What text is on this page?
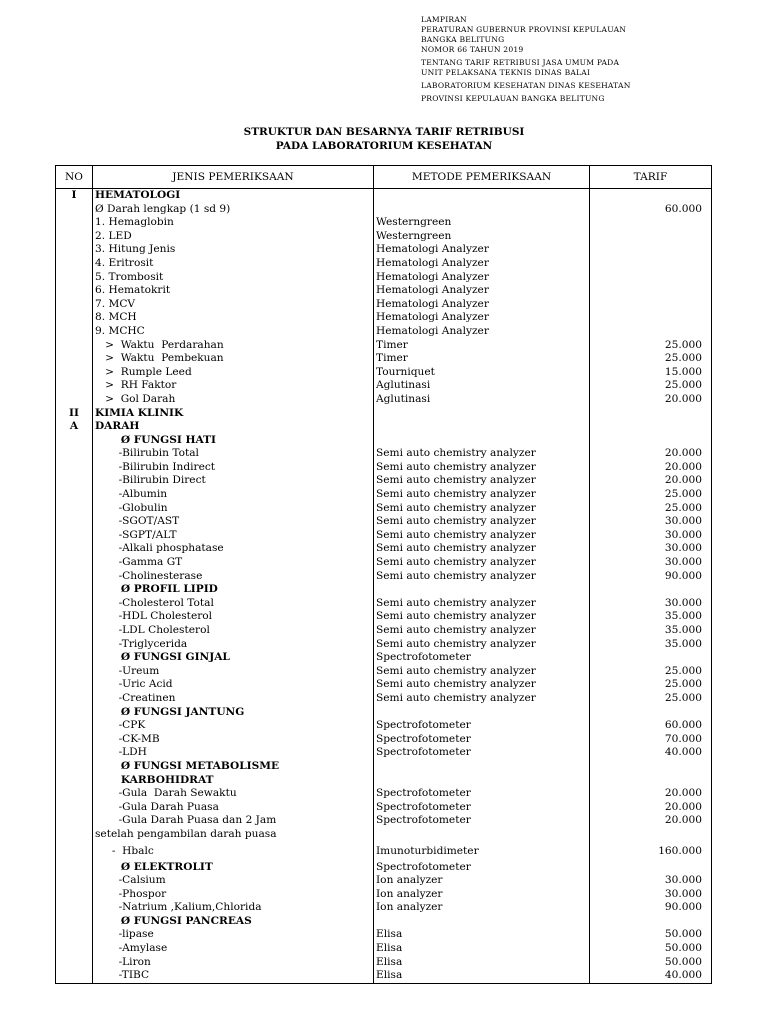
LAMPIRAN
PERATURAN GUBERNUR PROVINSI KEPULAUAN
BANGKA BELITUNG
NOMOR 66 TAHUN 2019
TENTANG TARIF RETRIBUSI JASA UMUM PADA
UNIT PELAKSANA TEKNIS DINAS BALAI
LABORATORIUM KESEHATAN DINAS KESEHATAN
PROVINSI KEPULAUAN BANGKA BELITUNG
STRUKTUR DAN BESARNYA TARIF RETRIBUSI
PADA LABORATORIUM KESEHATAN
NO	JENIS PEMERIKSAAN	METODE PEMERIKSAAN	TARIF
I	HEMATOLOGI		
	Ø Darah lengkap (1 sd 9)		60.000
	1. Hemaglobin	Westerngreen	
	2. LED	Westerngreen	
	3. Hitung Jenis	Hematologi Analyzer	
	4. Eritrosit	Hematologi Analyzer	
	5. Trombosit	Hematologi Analyzer	
	6. Hematokrit	Hematologi Analyzer	
	7. MCV	Hematologi Analyzer	
	8. MCH	Hematologi Analyzer	
	9. MCHC	Hematologi Analyzer	
	>  Waktu  Perdarahan	Timer	25.000
	>  Waktu  Pembekuan	Timer	25.000
	>  Rumple Leed	Tourniquet	15.000
	>  RH Faktor	Aglutinasi	25.000
	>  Gol Darah	Aglutinasi	20.000
II	KIMIA KLINIK		
A	DARAH		
	Ø FUNGSI HATI		
	-Bilirubin Total	Semi auto chemistry analyzer	20.000
	-Bilirubin Indirect	Semi auto chemistry analyzer	20.000
	-Bilirubin Direct	Semi auto chemistry analyzer	20.000
	-Albumin	Semi auto chemistry analyzer	25.000
	-Globulin	Semi auto chemistry analyzer	25.000
	-SGOT/AST	Semi auto chemistry analyzer	30.000
	-SGPT/ALT	Semi auto chemistry analyzer	30.000
	-Alkali phosphatase	Semi auto chemistry analyzer	30.000
	-Gamma GT	Semi auto chemistry analyzer	30.000
	-Cholinesterase	Semi auto chemistry analyzer	90.000
	Ø PROFIL LIPID		
	-Cholesterol Total	Semi auto chemistry analyzer	30.000
	-HDL Cholesterol	Semi auto chemistry analyzer	35.000
	-LDL Cholesterol	Semi auto chemistry analyzer	35.000
	-Triglycerida	Semi auto chemistry analyzer	35.000
	Ø FUNGSI GINJAL	Spectrofotometer	
	-Ureum	Semi auto chemistry analyzer	25.000
	-Uric Acid	Semi auto chemistry analyzer	25.000
	-Creatinen	Semi auto chemistry analyzer	25.000
	Ø FUNGSI JANTUNG		
	-CPK	Spectrofotometer	60.000
	-CK-MB	Spectrofotometer	70.000
	-LDH	Spectrofotometer	40.000
	Ø FUNGSI METABOLISME		
	KARBOHIDRAT		
	-Gula  Darah Sewaktu	Spectrofotometer	20.000
	-Gula Darah Puasa	Spectrofotometer	20.000
	-Gula Darah Puasa dan 2 Jam	Spectrofotometer	20.000
	setelah pengambilan darah puasa		
	-  Hbalc	Imunoturbidimeter	160.000
	Ø ELEKTROLIT	Spectrofotometer	
	-Calsium	Ion analyzer	30.000
	-Phospor	Ion analyzer	30.000
	-Natrium ,Kalium,Chlorida	Ion analyzer	90.000
	Ø FUNGSI PANCREAS		
	-lipase	Elisa	50.000
	-Amylase	Elisa	50.000
	-Liron	Elisa	50.000
	-TIBC	Elisa	40.000
